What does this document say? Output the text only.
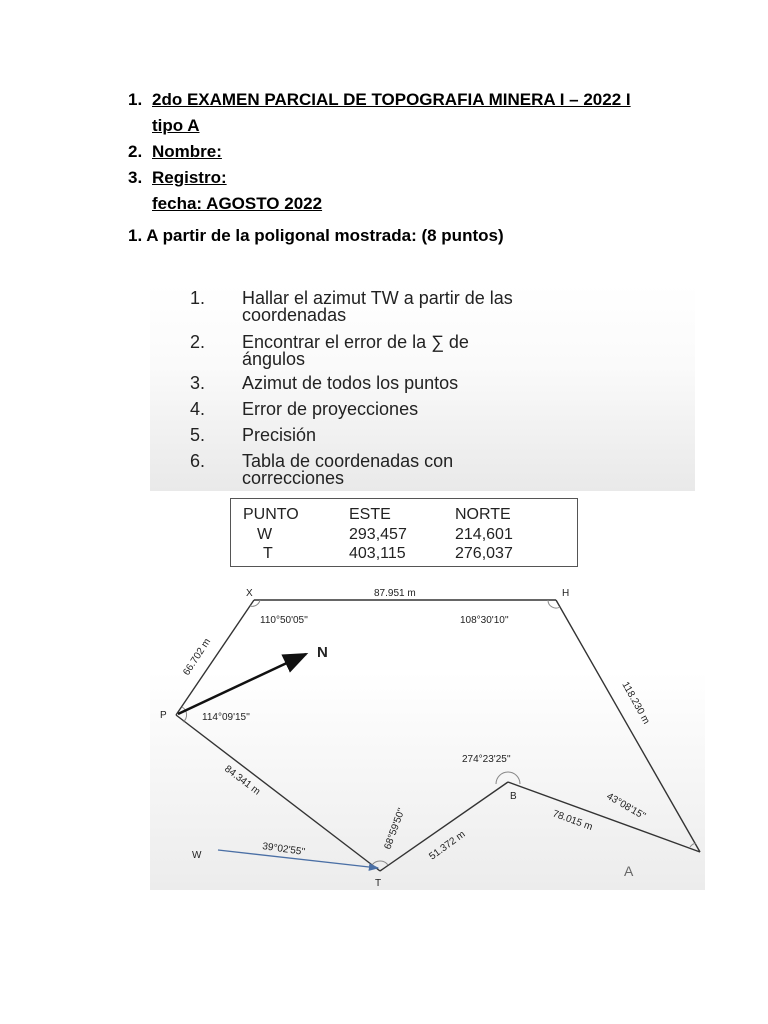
1. 2do EXAMEN PARCIAL DE TOPOGRAFIA MINERA I – 2022 I
tipo A
2. Nombre:
3. Registro:
fecha: AGOSTO 2022
1. A partir de la poligonal mostrada: (8 puntos)
1. Hallar el azimut TW a partir de las
coordenadas
2. Encontrar el error de la ∑ de
ángulos
3. Azimut de todos los puntos
4. Error de proyecciones
5. Precisión
6. Tabla de coordenadas con
correcciones
PUNTO	ESTE	NORTE
W	293,457	214,601
T	403,115	276,037
N
X	H
P
B
T
W
A
87.951 m
66.702 m
118.230 m
84.341 m
51.372 m
78.015 m
110°50'05''	108°30'10''
114°09'15''
274°23'25''
39°02'55''	68°59'50''
43°08'15''
